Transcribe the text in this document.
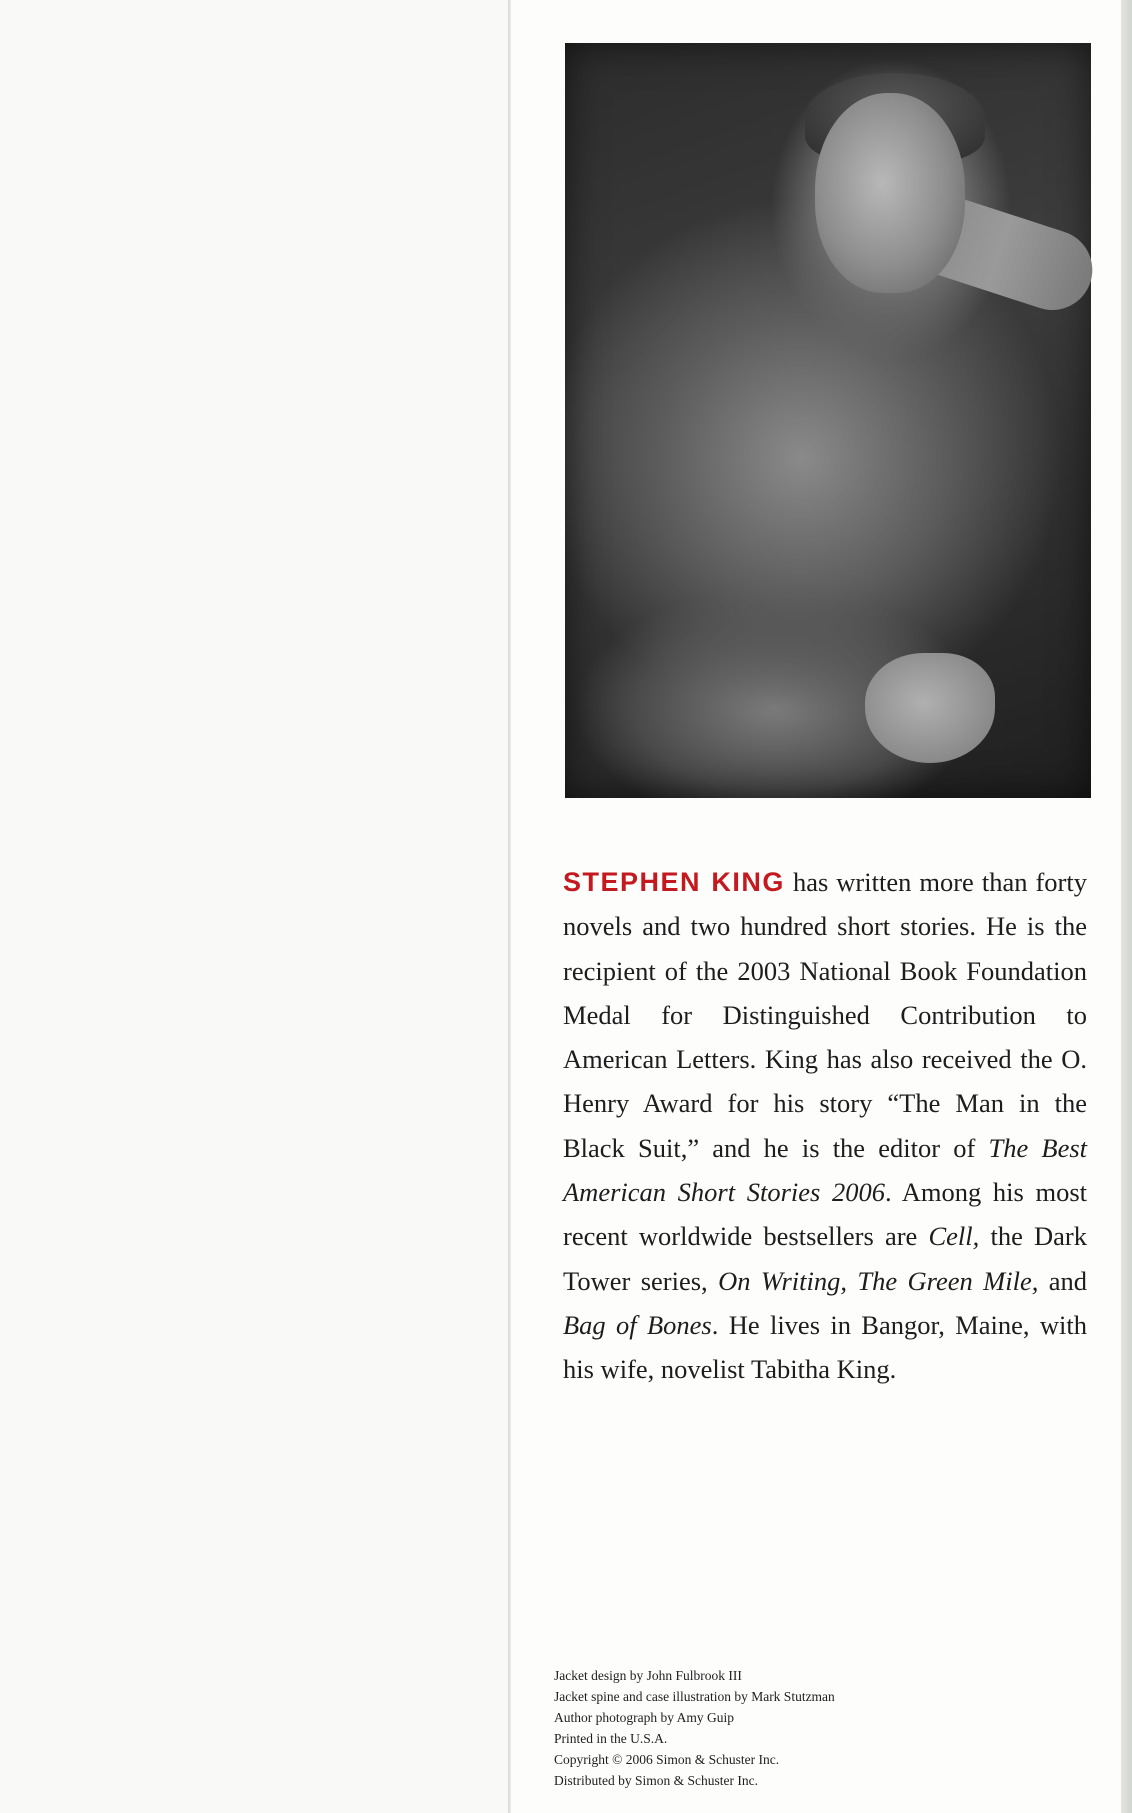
STEPHEN KING has written more than forty novels and two hundred short stories. He is the recipient of the 2003 National Book Foundation Medal for Distinguished Contribution to American Letters. King has also received the O. Henry Award for his story “The Man in the Black Suit,” and he is the editor of The Best American Short Stories 2006. Among his most recent worldwide bestsellers are Cell, the Dark Tower series, On Writing, The Green Mile, and Bag of Bones. He lives in Bangor, Maine, with his wife, novelist Tabitha King.

Jacket design by John Fulbrook III
Jacket spine and case illustration by Mark Stutzman
Author photograph by Amy Guip
Printed in the U.S.A.
Copyright © 2006 Simon & Schuster Inc.
Distributed by Simon & Schuster Inc.
